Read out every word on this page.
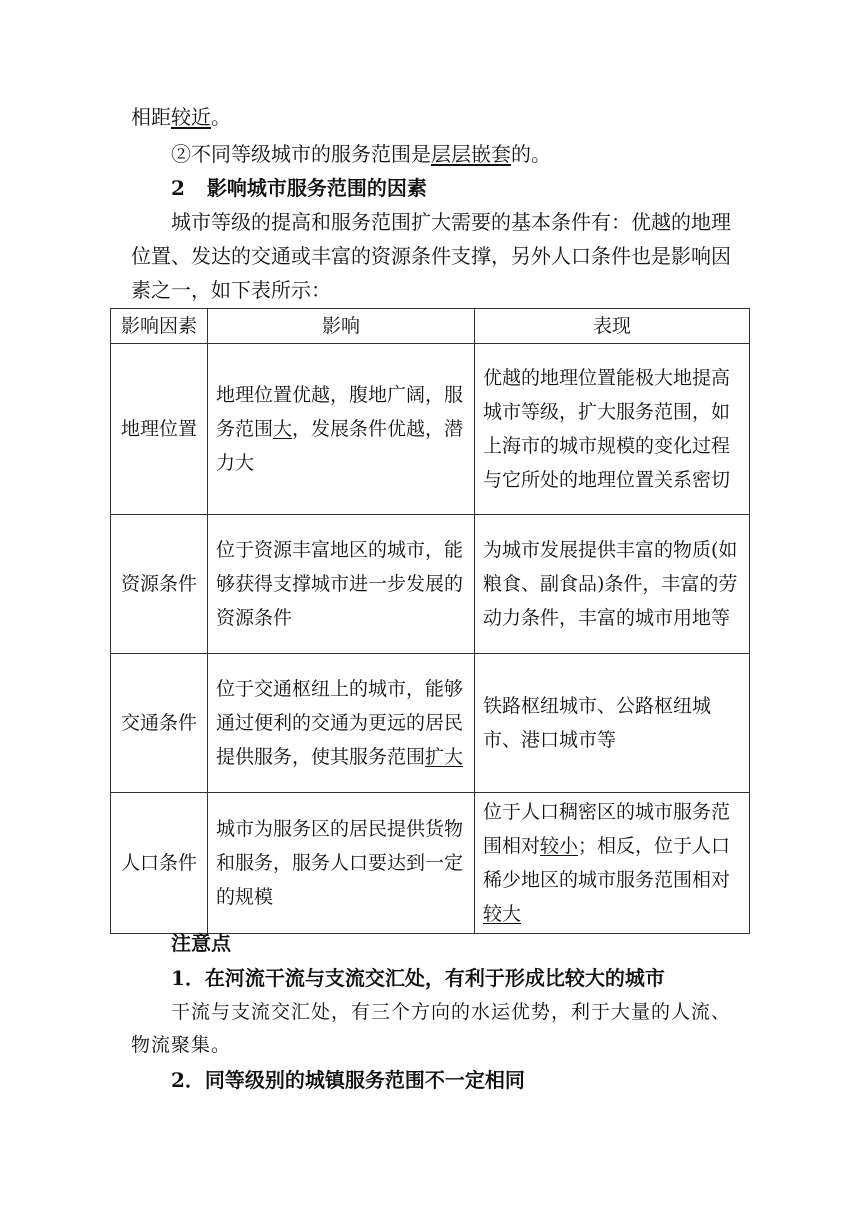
相距较近。
②不同等级城市的服务范围是层层嵌套的。
2 影响城市服务范围的因素
城市等级的提高和服务范围扩大需要的基本条件有：优越的地理
位置、发达的交通或丰富的资源条件支撑，另外人口条件也是影响因
素之一，如下表所示：
影响因素	影响	表现
地理位置	地理位置优越，腹地广阔，服务范围大，发展条件优越，潜力大	优越的地理位置能极大地提高城市等级，扩大服务范围，如上海市的城市规模的变化过程与它所处的地理位置关系密切
资源条件	位于资源丰富地区的城市，能够获得支撑城市进一步发展的资源条件	为城市发展提供丰富的物质(如粮食、副食品)条件，丰富的劳动力条件，丰富的城市用地等
交通条件	位于交通枢纽上的城市，能够通过便利的交通为更远的居民提供服务，使其服务范围扩大	铁路枢纽城市、公路枢纽城市、港口城市等
人口条件	城市为服务区的居民提供货物和服务，服务人口要达到一定的规模	位于人口稠密区的城市服务范围相对较小；相反，位于人口稀少地区的城市服务范围相对较大
注意点
1．在河流干流与支流交汇处，有利于形成比较大的城市
干流与支流交汇处，有三个方向的水运优势，利于大量的人流、
物流聚集。
2．同等级别的城镇服务范围不一定相同
